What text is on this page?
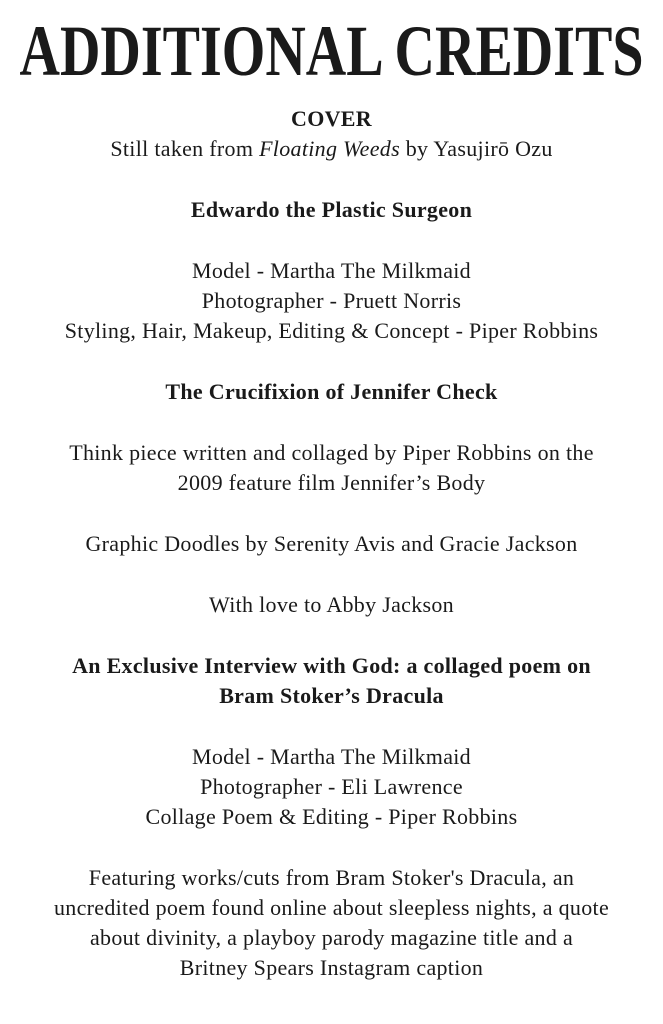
ADDITIONAL CREDITS
COVER
Still taken from Floating Weeds by Yasujirō Ozu
Edwardo the Plastic Surgeon
Model - Martha The Milkmaid
Photographer - Pruett Norris
Styling, Hair, Makeup, Editing & Concept - Piper Robbins
The Crucifixion of Jennifer Check
Think piece written and collaged by Piper Robbins on the
2009 feature film Jennifer’s Body
Graphic Doodles by Serenity Avis and Gracie Jackson
With love to Abby Jackson
An Exclusive Interview with God: a collaged poem on
Bram Stoker’s Dracula
Model - Martha The Milkmaid
Photographer - Eli Lawrence
Collage Poem & Editing - Piper Robbins
Featuring works/cuts from Bram Stoker's Dracula, an
uncredited poem found online about sleepless nights, a quote
about divinity, a playboy parody magazine title and a
Britney Spears Instagram caption
